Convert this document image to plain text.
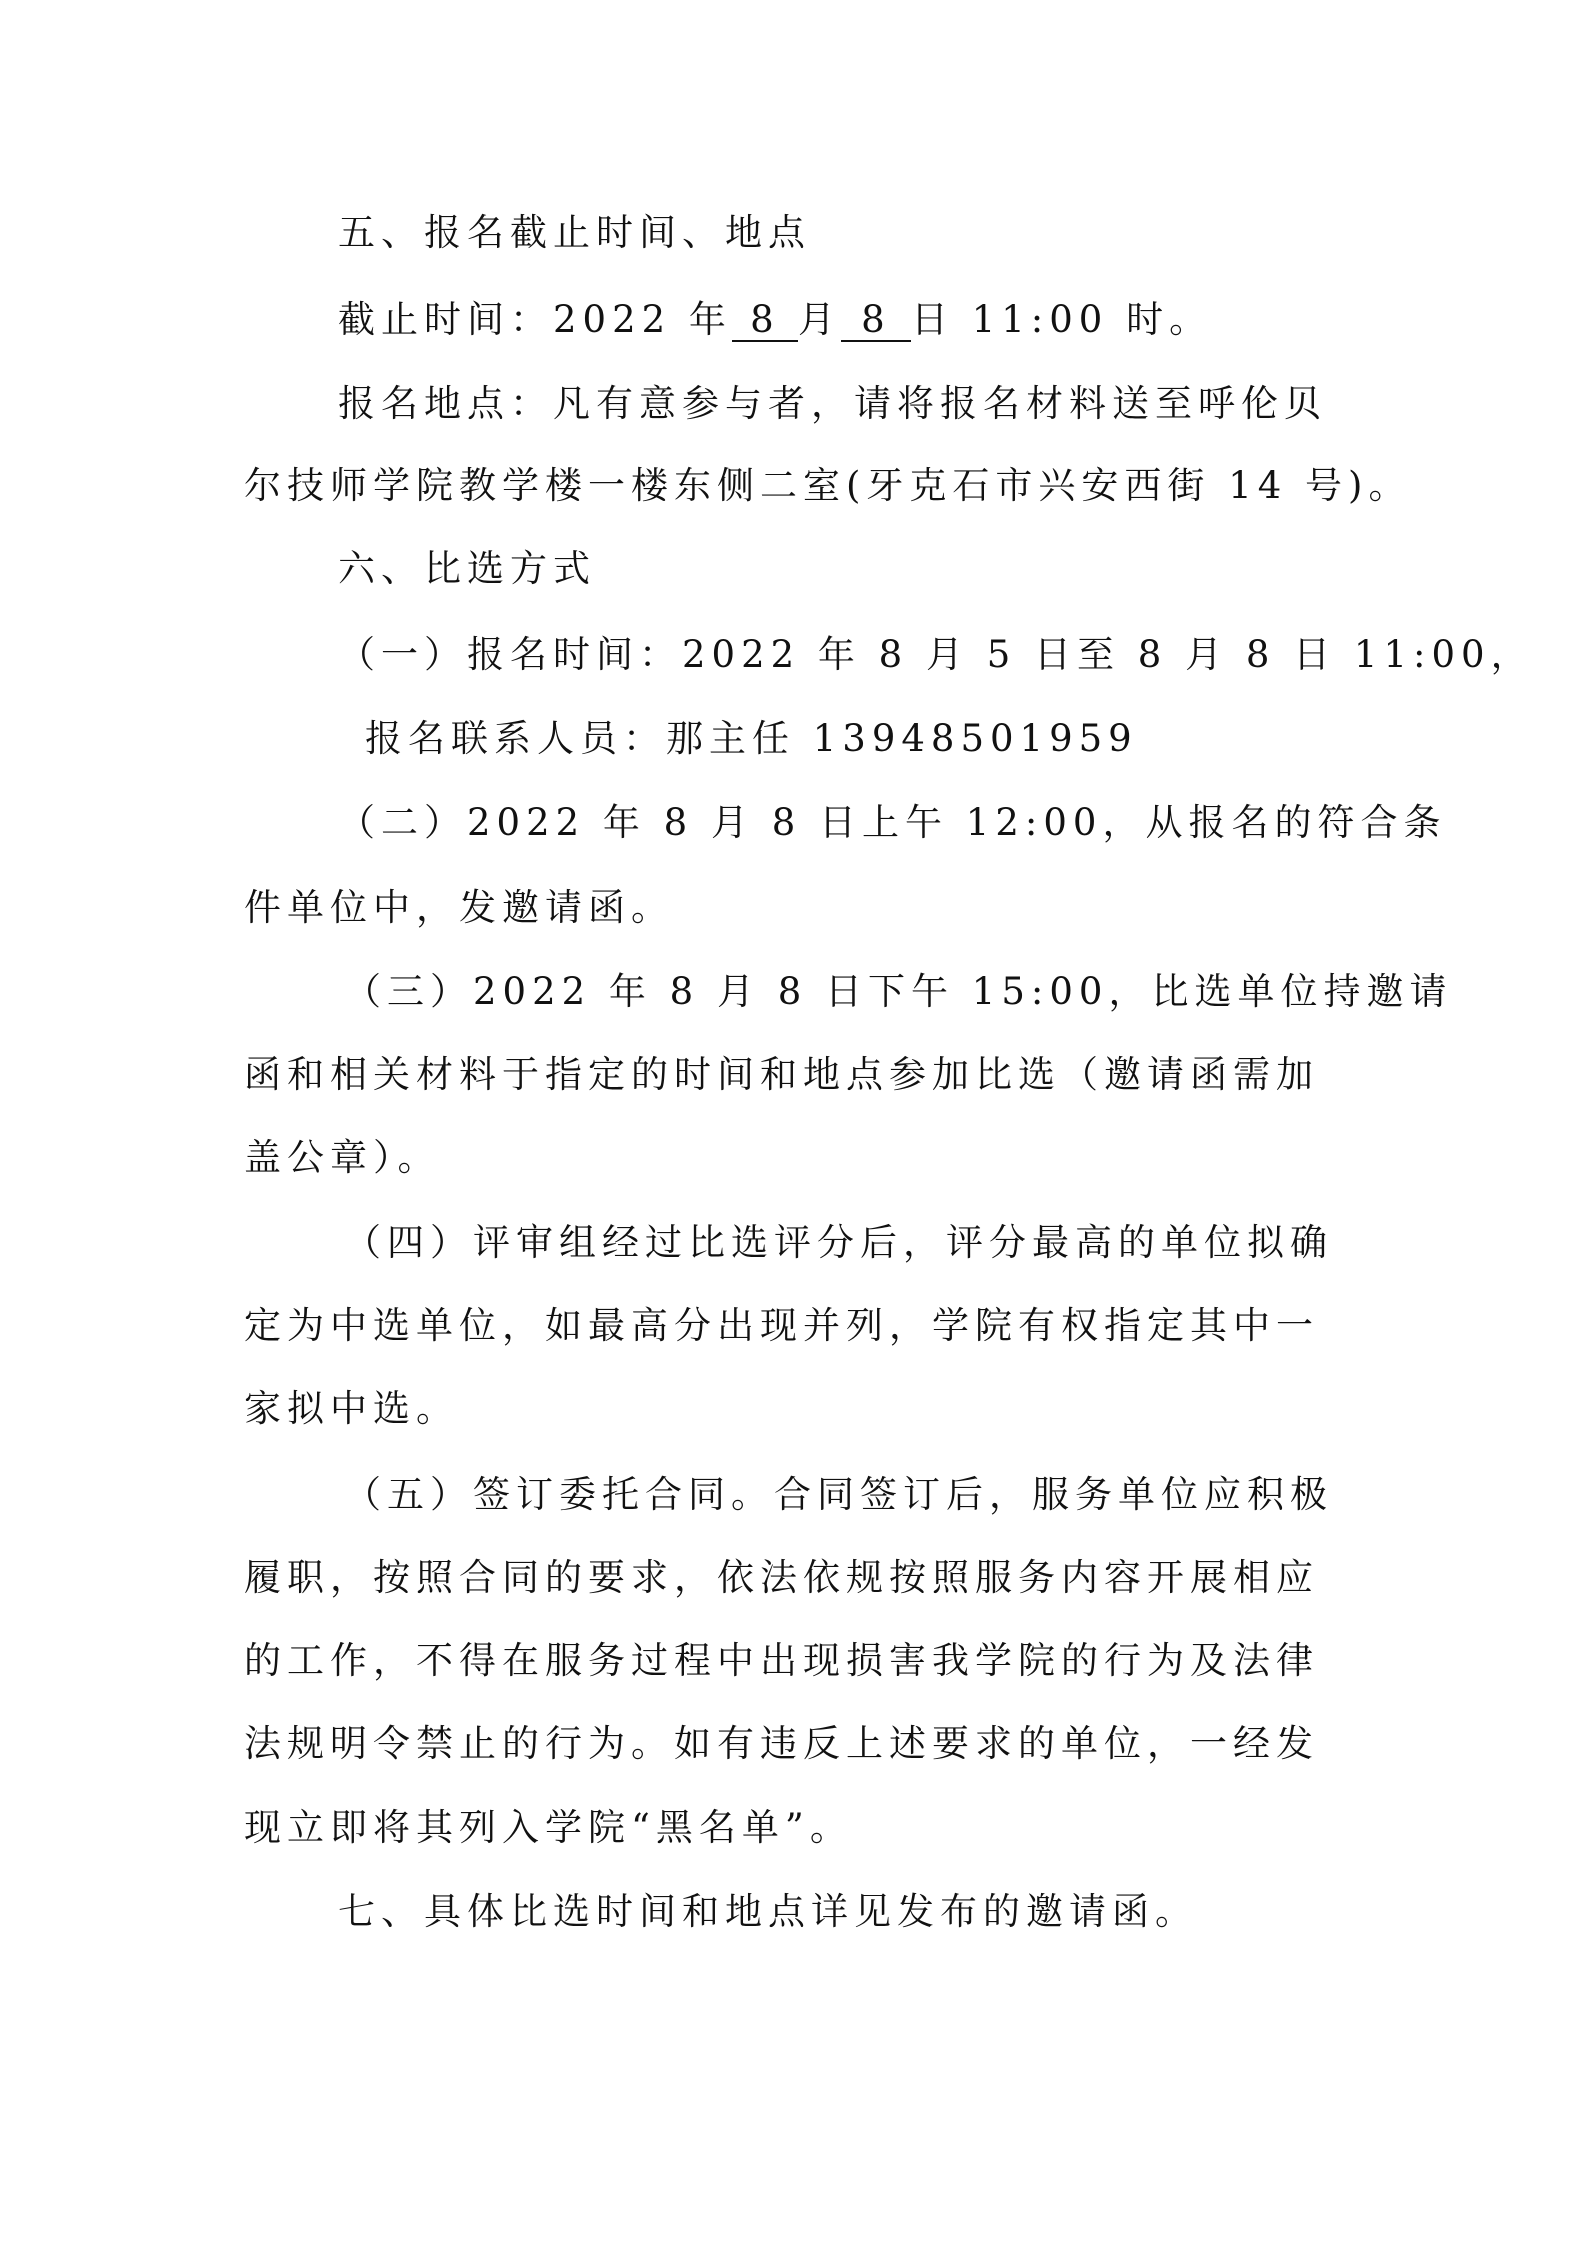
五、报名截止时间、地点
截止时间：2022 年 8 月 8 日 11:00 时。
报名地点：凡有意参与者，请将报名材料送至呼伦贝
尔技师学院教学楼一楼东侧二室(牙克石市兴安西街 14 号)。
六、比选方式
（一）报名时间：2022 年 8 月 5 日至 8 月 8 日 11:00，
报名联系人员：那主任 13948501959
（二）2022 年 8 月 8 日上午 12:00，从报名的符合条
件单位中，发邀请函。
（三）2022 年 8 月 8 日下午 15:00，比选单位持邀请
函和相关材料于指定的时间和地点参加比选（邀请函需加
盖公章）。
（四）评审组经过比选评分后，评分最高的单位拟确
定为中选单位，如最高分出现并列，学院有权指定其中一
家拟中选。
（五）签订委托合同。合同签订后，服务单位应积极
履职，按照合同的要求，依法依规按照服务内容开展相应
的工作，不得在服务过程中出现损害我学院的行为及法律
法规明令禁止的行为。如有违反上述要求的单位，一经发
现立即将其列入学院“黑名单”。
七、具体比选时间和地点详见发布的邀请函。
